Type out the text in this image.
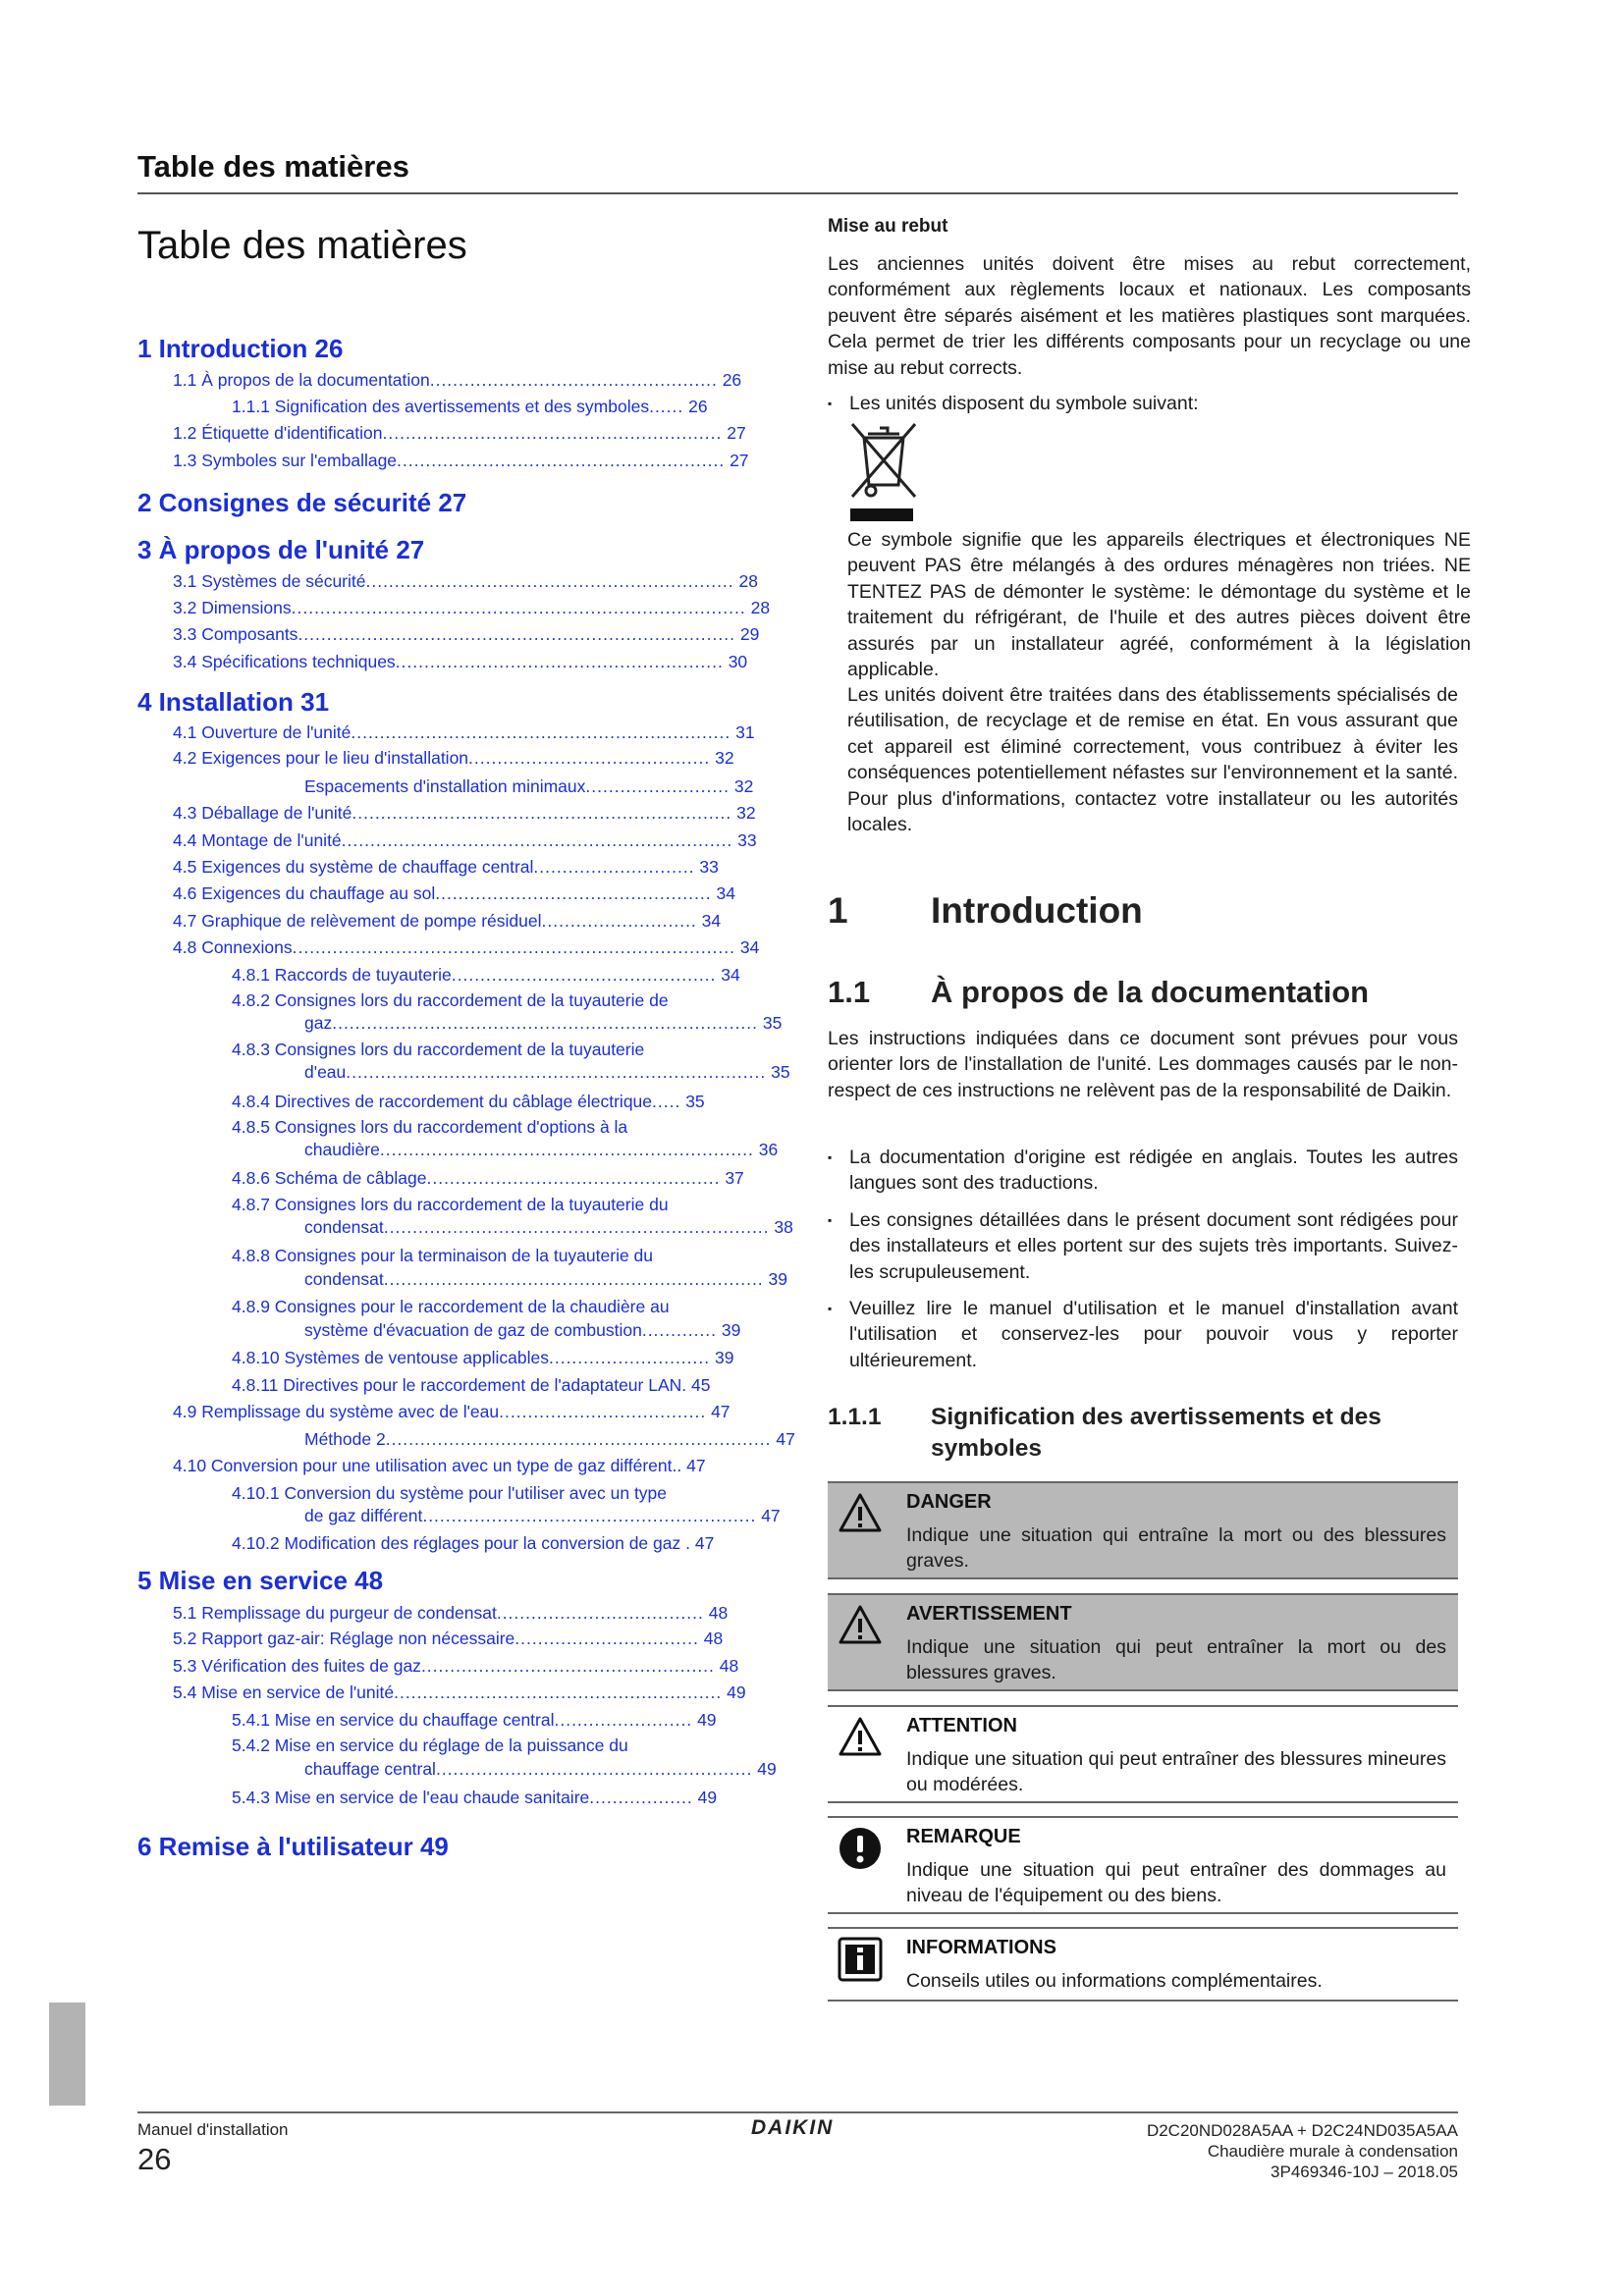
Table des matières
Table des matières
1 Introduction 26
2 Consignes de sécurité 27
3 À propos de l'unité 27
4 Installation 31
5 Mise en service 48
6 Remise à l'utilisateur 49
1.1 À propos de la documentation.................................................. 26
1.1.1 Signification des avertissements et des symboles...... 26
1.2 Étiquette d'identification........................................................... 27
1.3 Symboles sur l'emballage......................................................... 27
3.1 Systèmes de sécurité................................................................ 28
3.2 Dimensions............................................................................... 28
3.3 Composants............................................................................ 29
3.4 Spécifications techniques......................................................... 30
4.1 Ouverture de l'unité.................................................................. 31
4.2 Exigences pour le lieu d'installation.......................................... 32
Espacements d'installation minimaux......................... 32
4.3 Déballage de l'unité.................................................................. 32
4.4 Montage de l'unité.................................................................... 33
4.5 Exigences du système de chauffage central............................ 33
4.6 Exigences du chauffage au sol................................................ 34
4.7 Graphique de relèvement de pompe résiduel........................... 34
4.8 Connexions............................................................................. 34
4.8.1 Raccords de tuyauterie.............................................. 34
4.8.2 Consignes lors du raccordement de la tuyauterie de
gaz.......................................................................... 35
4.8.3 Consignes lors du raccordement de la tuyauterie
d'eau......................................................................... 35
4.8.4 Directives de raccordement du câblage électrique..... 35
4.8.5 Consignes lors du raccordement d'options à la
chaudière................................................................. 36
4.8.6 Schéma de câblage................................................... 37
4.8.7 Consignes lors du raccordement de la tuyauterie du
condensat................................................................... 38
4.8.8 Consignes pour la terminaison de la tuyauterie du
condensat.................................................................. 39
4.8.9 Consignes pour le raccordement de la chaudière au
système d'évacuation de gaz de combustion............. 39
4.8.10 Systèmes de ventouse applicables............................ 39
4.8.11 Directives pour le raccordement de l'adaptateur LAN. 45
4.9 Remplissage du système avec de l'eau.................................... 47
Méthode 2................................................................... 47
4.10 Conversion pour une utilisation avec un type de gaz différent.. 47
4.10.1 Conversion du système pour l'utiliser avec un type
de gaz différent.......................................................... 47
4.10.2 Modification des réglages pour la conversion de gaz . 47
5.1 Remplissage du purgeur de condensat.................................... 48
5.2 Rapport gaz-air: Réglage non nécessaire................................ 48
5.3 Vérification des fuites de gaz................................................... 48
5.4 Mise en service de l'unité......................................................... 49
5.4.1 Mise en service du chauffage central........................ 49
5.4.2 Mise en service du réglage de la puissance du
chauffage central....................................................... 49
5.4.3 Mise en service de l'eau chaude sanitaire.................. 49
Mise au rebut
Les anciennes unités doivent être mises au rebut correctement, conformément aux règlements locaux et nationaux. Les composants peuvent être séparés aisément et les matières plastiques sont marquées. Cela permet de trier les différents composants pour un recyclage ou une mise au rebut corrects.
▪ Les unités disposent du symbole suivant:
Ce symbole signifie que les appareils électriques et électroniques NE peuvent PAS être mélangés à des ordures ménagères non triées. NE TENTEZ PAS de démonter le système: le démontage du système et le traitement du réfrigérant, de l'huile et des autres pièces doivent être assurés par un installateur agréé, conformément à la législation applicable.
Les unités doivent être traitées dans des établissements spécialisés de réutilisation, de recyclage et de remise en état. En vous assurant que cet appareil est éliminé correctement, vous contribuez à éviter les conséquences potentiellement néfastes sur l'environnement et la santé. Pour plus d'informations, contactez votre installateur ou les autorités locales.
1 Introduction
1.1 À propos de la documentation
Les instructions indiquées dans ce document sont prévues pour vous orienter lors de l'installation de l'unité. Les dommages causés par le non-respect de ces instructions ne relèvent pas de la responsabilité de Daikin.
▪ La documentation d'origine est rédigée en anglais. Toutes les autres langues sont des traductions.
▪ Les consignes détaillées dans le présent document sont rédigées pour des installateurs et elles portent sur des sujets très importants. Suivez-les scrupuleusement.
▪ Veuillez lire le manuel d'utilisation et le manuel d'installation avant l'utilisation et conservez-les pour pouvoir vous y reporter ultérieurement.
1.1.1 Signification des avertissements et des symboles
DANGER
Indique une situation qui entraîne la mort ou des blessures graves.
AVERTISSEMENT
Indique une situation qui peut entraîner la mort ou des blessures graves.
ATTENTION
Indique une situation qui peut entraîner des blessures mineures ou modérées.
REMARQUE
Indique une situation qui peut entraîner des dommages au niveau de l'équipement ou des biens.
INFORMATIONS
Conseils utiles ou informations complémentaires.
Manuel d'installation
26
DAIKIN	D2C20ND028A5AA + D2C24ND035A5AA
Chaudière murale à condensation
3P469346-10J – 2018.05
